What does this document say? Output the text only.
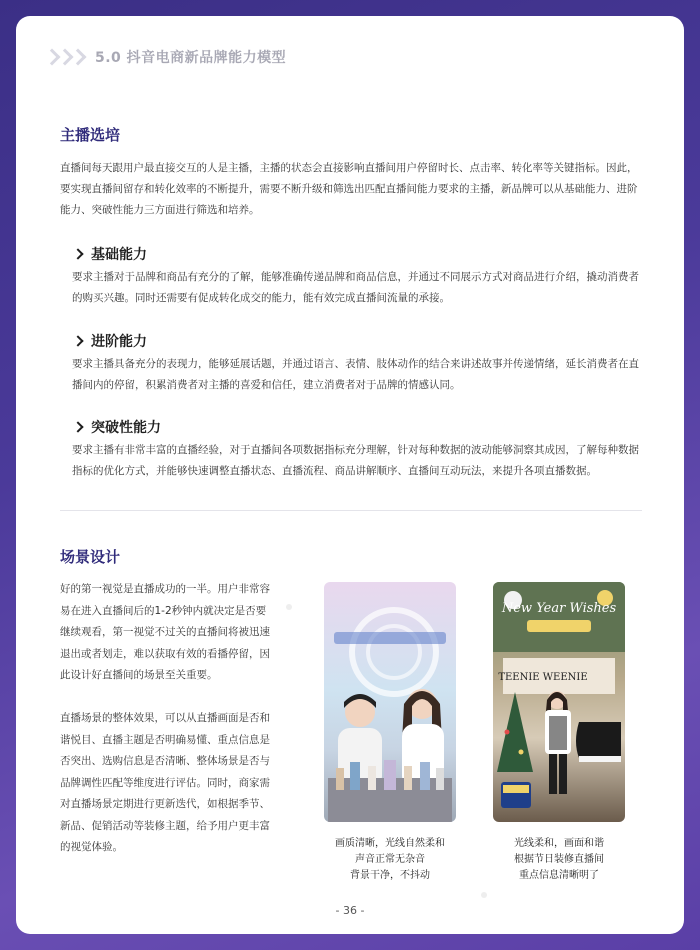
5.0 抖音电商新品牌能力模型
主播选培

直播间每天跟用户最直接交互的人是主播，主播的状态会直接影响直播间用户停留时长、点击率、转化率等关键指标。因此，要实现直播间留存和转化效率的不断提升，需要不断升级和筛选出匹配直播间能力要求的主播，新品牌可以从基础能力、进阶能力、突破性能力三方面进行筛选和培养。

基础能力

要求主播对于品牌和商品有充分的了解，能够准确传递品牌和商品信息，并通过不同展示方式对商品进行介绍，撬动消费者的购买兴趣。同时还需要有促成转化成交的能力，能有效完成直播间流量的承接。

进阶能力

要求主播具备充分的表现力，能够延展话题，并通过语言、表情、肢体动作的结合来讲述故事并传递情绪，延长消费者在直播间内的停留，积累消费者对主播的喜爱和信任，建立消费者对于品牌的情感认同。

突破性能力

要求主播有非常丰富的直播经验，对于直播间各项数据指标充分理解，针对每种数据的波动能够洞察其成因，了解每种数据指标的优化方式，并能够快速调整直播状态、直播流程、商品讲解顺序、直播间互动玩法，来提升各项直播数据。

场景设计

好的第一视觉是直播成功的一半。用户非常容易在进入直播间后的1-2秒钟内就决定是否要继续观看，第一视觉不过关的直播间将被迅速退出或者划走，难以获取有效的看播停留，因此设计好直播间的场景至关重要。

直播场景的整体效果，可以从直播画面是否和谐悦目、直播主题是否明确易懂、重点信息是否突出、选购信息是否清晰、整体场景是否与品牌调性匹配等维度进行评估。同时，商家需对直播场景定期进行更新迭代，如根据季节、新品、促销活动等装修主题，给予用户更丰富的视觉体验。

New Year Wishes
TEENIE WEENIE
画质清晰，光线自然柔和
声音正常无杂音
背景干净，不抖动
光线柔和，画面和谐
根据节日装修直播间
重点信息清晰明了
- 36 -
